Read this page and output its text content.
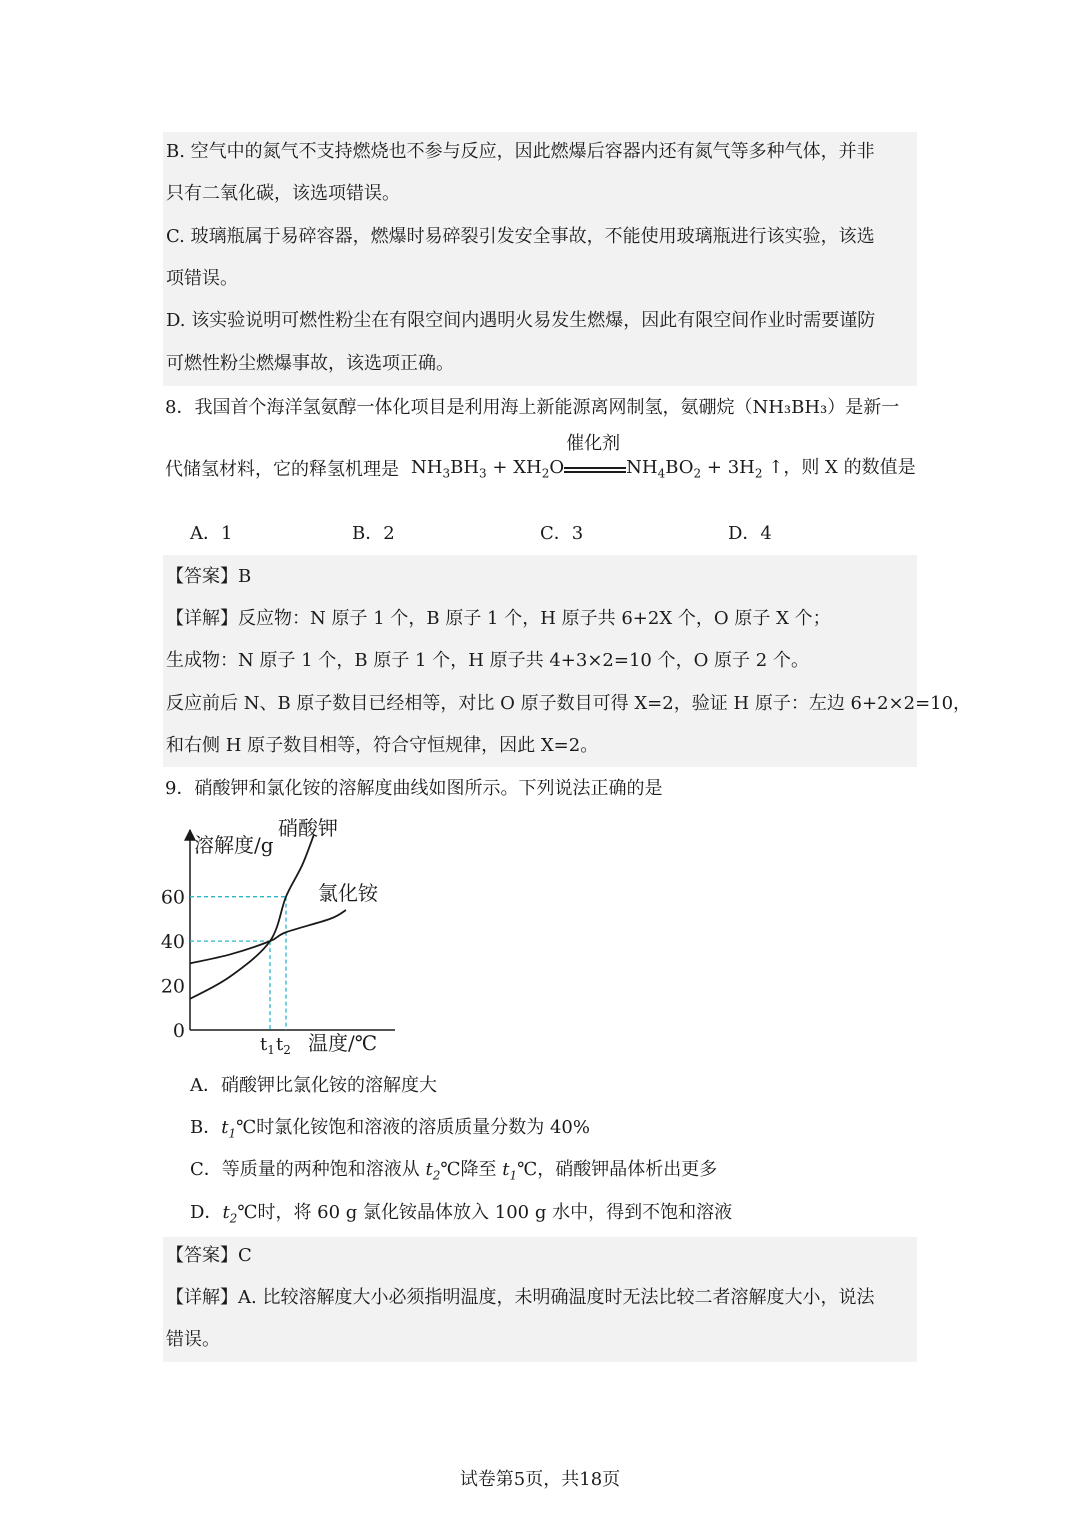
B. 空气中的氮气不支持燃烧也不参与反应，因此燃爆后容器内还有氮气等多种气体，并非
只有二氧化碳，该选项错误。
C. 玻璃瓶属于易碎容器，燃爆时易碎裂引发安全事故，不能使用玻璃瓶进行该实验，该选
项错误。
D. 该实验说明可燃性粉尘在有限空间内遇明火易发生燃爆，因此有限空间作业时需要谨防
可燃性粉尘燃爆事故，该选项正确。
8．我国首个海洋氢氨醇一体化项目是利用海上新能源离网制氢，氨硼烷（NH₃BH₃）是新一
代储氢材料，它的释氢机理是 $NH_3BH_3 + XH_2O$
催化剂
$NH_4BO_2 + 3H_2$ ↑，则 X 的数值是
A．1	B．2	C．3	D．4
【答案】B
【详解】反应物：N 原子 1 个，B 原子 1 个，H 原子共 6+2X 个，O 原子 X 个；
生成物：N 原子 1 个，B 原子 1 个，H 原子共 4+3×2=10 个，O 原子 2 个。
反应前后 N、B 原子数目已经相等，对比 O 原子数目可得 X=2，验证 H 原子：左边 6+2×2=10，
和右侧 H 原子数目相等，符合守恒规律，因此 X=2。
9．硝酸钾和氯化铵的溶解度曲线如图所示。下列说法正确的是
0
20
40
60
溶解度/g
温度/℃
$t_1$ $t_2$
硝酸钾
氯化铵
A．硝酸钾比氯化铵的溶解度大
B．$t_1℃$时氯化铵饱和溶液的溶质质量分数为 40%
C．等质量的两种饱和溶液从 $t_2℃$降至 $t_1℃$，硝酸钾晶体析出更多
D．$t_2℃$时，将 60 g 氯化铵晶体放入 100 g 水中，得到不饱和溶液
【答案】C
【详解】A. 比较溶解度大小必须指明温度，未明确温度时无法比较二者溶解度大小，说法
错误。
试卷第5页，共18页
